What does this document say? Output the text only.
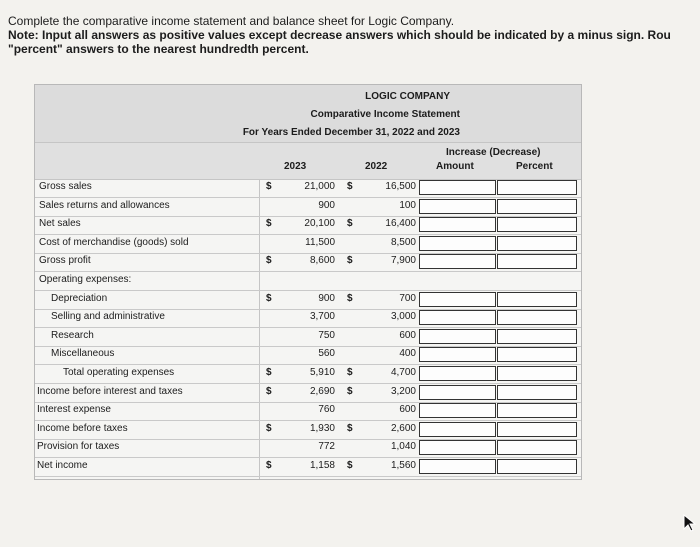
Complete the comparative income statement and balance sheet for Logic Company.
Note: Input all answers as positive values except decrease answers which should be indicated by a minus sign. Rou
"percent" answers to the nearest hundredth percent.
LOGIC COMPANY
Comparative Income Statement
For Years Ended December 31, 2022 and 2023
2023	2022
Increase (Decrease)
Amount	Percent
Gross sales	$	21,000 $	16,500
Sales returns and allowances	900	100
Net sales	$	20,100 $	16,400
Cost of merchandise (goods) sold	11,500	8,500
Gross profit	$	8,600 $	7,900
Operating expenses:
Depreciation	$	900 $	700
Selling and administrative	3,700	3,000
Research	750	600
Miscellaneous	560	400
Total operating expenses	$	5,910 $	4,700
Income before interest and taxes	$	2,690 $	3,200
Interest expense	760	600
Income before taxes	$	1,930 $	2,600
Provision for taxes	772	1,040
Net income	$	1,158 $	1,560
